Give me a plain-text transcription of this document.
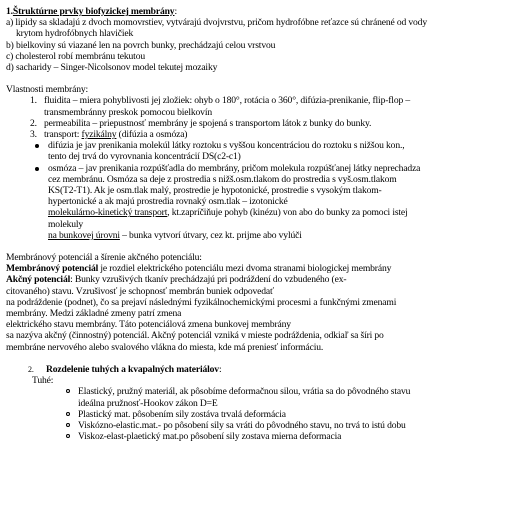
1.Štruktúrne prvky biofyzickej membrány:
a) lipidy sa skladajú z dvoch momovrstiev, vytvárajú dvojvrstvu, pričom hydrofóbne reťazce sú chránené od vody
krytom hydrofóbnych hlavičiek
b) bielkoviny sú viazané len na povrch bunky, prechádzajú celou vrstvou
c) cholesterol robí membránu tekutou
d) sacharidy – Singer-Nicolsonov model tekutej mozaiky
Vlastnosti membrány:
1. fluidita – miera pohyblivosti jej zložiek: ohyb o 180°, rotácia o 360°, difúzia-prenikanie, flip-flop –
transmembránny preskok pomocou bielkovín
2. permeabilita – priepustnosť membrány je spojená s transportom látok z bunky do bunky.
3. transport: fyzikálny (difúzia a osmóza)
difúzia je jav prenikania molekúl látky roztoku s vyššou koncentráciou do roztoku s nižšou kon.,
tento dej trvá do vyrovnania koncentrácií DS(c2-c1)
osmóza – jav prenikania rozpúšťadla do membrány, pričom molekula rozpúšťanej látky neprechadza
cez membránu. Osmóza sa deje z prostredia s nižš.osm.tlakom do prostredia s vyš.osm.tlakom
KS(T2-T1). Ak je osm.tlak malý, prostredie je hypotonické, prostredie s vysokým tlakom-
hypertonické a ak majú prostredia rovnaký osm.tlak – izotonické
molekulárno-kinetický transport, kt.zapríčiňuje pohyb (kinézu) von abo do bunky za pomoci istej
molekuly
na bunkovej úrovni – bunka vytvorí útvary, cez kt. prijme abo vylúči
Membránový potenciál a šírenie akčného potenciálu:
Membránový potenciál je rozdiel elektrického potenciálu mezi dvoma stranami biologickej membrány
Akčný potenciál: Bunky vzrušivých tkanív prechádzajú pri podráždení do vzbudeného (ex-
citovaného) stavu. Vzrušivosť je schopnosť membrán buniek odpovedať
na podráždenie (podnet), čo sa prejaví následnými fyzikálnochemickými procesmi a funkčnými zmenami
membrány. Medzi základné zmeny patrí zmena
elektrického stavu membrány. Táto potenciálová zmena bunkovej membrány
sa nazýva akčný (činnostný) potenciál. Akčný potenciál vzniká v mieste podráždenia, odkiaľ sa šíri po
membráne nervového alebo svalového vlákna do miesta, kde má preniesť informáciu.
2. Rozdelenie tuhých a kvapalných materiálov:
Tuhé:
Elastický, pružný materiál, ak pôsobíme deformačnou silou, vrátia sa do pôvodného stavu
ideálna pružnosť-Hookov zákon D=E
Plastický mat. pôsobením sily zostáva trvalá deformácia
Viskózno-elastic.mat.- po pôsobení sily sa vráti do pôvodného stavu, no trvá to istú dobu
Viskoz-elast-plaetický mat.po pôsobení sily zostava mierna deformacia
